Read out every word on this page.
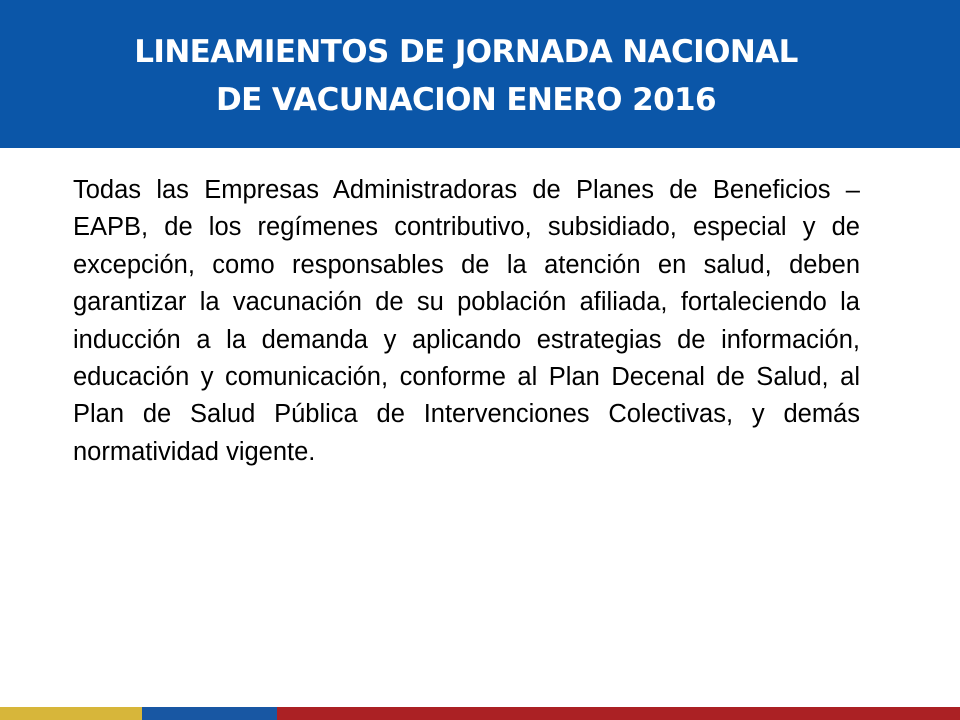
LINEAMIENTOS DE JORNADA NACIONAL
DE VACUNACION ENERO 2016

Todas las Empresas Administradoras de Planes de Beneficios –EAPB, de los regímenes contributivo, subsidiado, especial y de excepción, como responsables de la atención en salud, deben garantizar la vacunación de su población afiliada, fortaleciendo la inducción a la demanda y aplicando estrategias de información, educación y comunicación, conforme al Plan Decenal de Salud, al Plan de Salud Pública de Intervenciones Colectivas, y demás normatividad vigente.
